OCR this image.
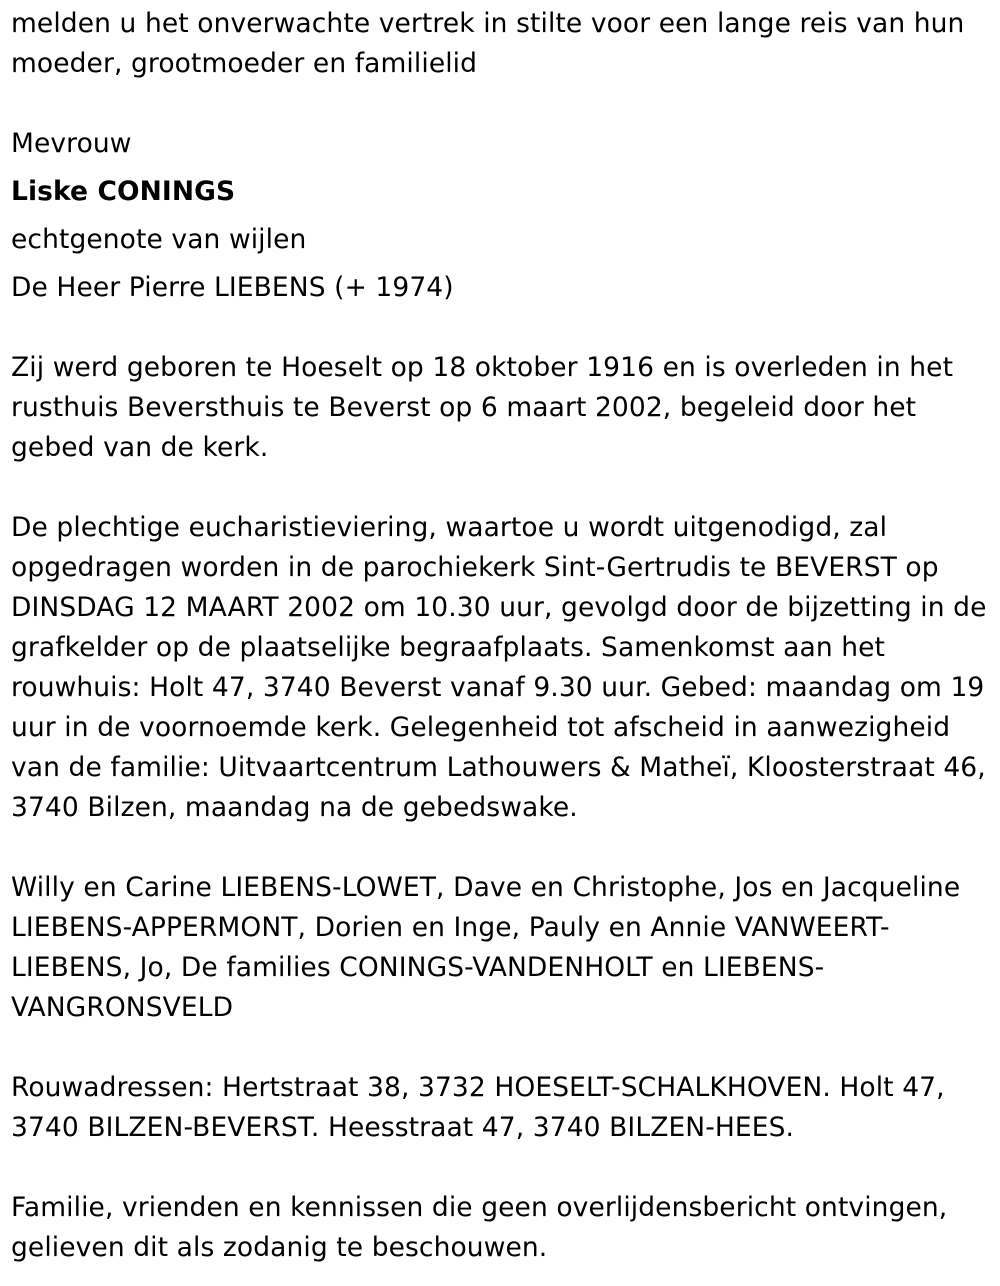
melden u het onverwachte vertrek in stilte voor een lange reis van hun moeder, grootmoeder en familielid

Mevrouw

Liske CONINGS

echtgenote van wijlen

De Heer Pierre LIEBENS (+ 1974)

Zij werd geboren te Hoeselt op 18 oktober 1916 en is overleden in het rusthuis Beversthuis te Beverst op 6 maart 2002, begeleid door het gebed van de kerk.

De plechtige eucharistieviering, waartoe u wordt uitgenodigd, zal opgedragen worden in de parochiekerk Sint-Gertrudis te BEVERST op DINSDAG 12 MAART 2002 om 10.30 uur, gevolgd door de bijzetting in de grafkelder op de plaatselijke begraafplaats. Samenkomst aan het rouwhuis: Holt 47, 3740 Beverst vanaf 9.30 uur. Gebed: maandag om 19 uur in de voornoemde kerk. Gelegenheid tot afscheid in aanwezigheid van de familie: Uitvaartcentrum Lathouwers & Matheï, Kloosterstraat 46, 3740 Bilzen, maandag na de gebedswake.

Willy en Carine LIEBENS-LOWET, Dave en Christophe, Jos en Jacqueline LIEBENS-APPERMONT, Dorien en Inge, Pauly en Annie VANWEERT-LIEBENS, Jo, De families CONINGS-VANDENHOLT en LIEBENS-VANGRONSVELD

Rouwadressen: Hertstraat 38, 3732 HOESELT-SCHALKHOVEN. Holt 47, 3740 BILZEN-BEVERST. Heesstraat 47, 3740 BILZEN-HEES.

Familie, vrienden en kennissen die geen overlijdensbericht ontvingen, gelieven dit als zodanig te beschouwen.
